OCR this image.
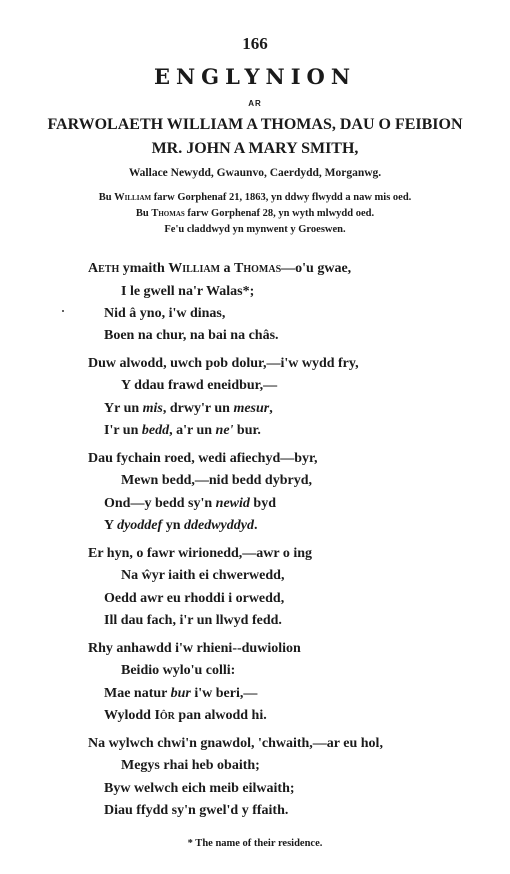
166
ENGLYNION
AR
FARWOLAETH WILLIAM A THOMAS, DAU O FEIBION
MR. JOHN A MARY SMITH,
Wallace Newydd, Gwaunvo, Caerdydd, Morganwg.
Bu William farw Gorphenaf 21, 1863, yn ddwy flwydd a naw mis oed.
Bu Thomas farw Gorphenaf 28, yn wyth mlwydd oed.
Fe'u claddwyd yn mynwent y Groeswen.
Aeth ymaith William a Thomas—o'u gwae,
I le gwell na'r Walas*;
Nid â yno, i'w dinas,
Boen na chur, na bai na châs.
Duw alwodd, uwch pob dolur,—i'w wydd fry,
Y ddau frawd eneidbur,—
Yr un mis, drwy'r un mesur,
I'r un bedd, a'r un ne' bur.
Dau fychain roed, wedi afiechyd—byr,
Mewn bedd,—nid bedd dybryd,
Ond—y bedd sy'n newid byd
Y dyoddef yn ddedwyddyd.
Er hyn, o fawr wirionedd,—awr o ing
Na ŵyr iaith ei chwerwedd,
Oedd awr eu rhoddi i orwedd,
Ill dau fach, i'r un llwyd fedd.
Rhy anhawdd i'w rhieni--duwiolion
Beidio wylo'u colli:
Mae natur bur i'w beri,—
Wylodd Iôr pan alwodd hi.
Na wylwch chwi'n gnawdol, 'chwaith,—ar eu hol,
Megys rhai heb obaith;
Byw welwch eich meib eilwaith;
Diau ffydd sy'n gwel'd y ffaith.
* The name of their residence.
